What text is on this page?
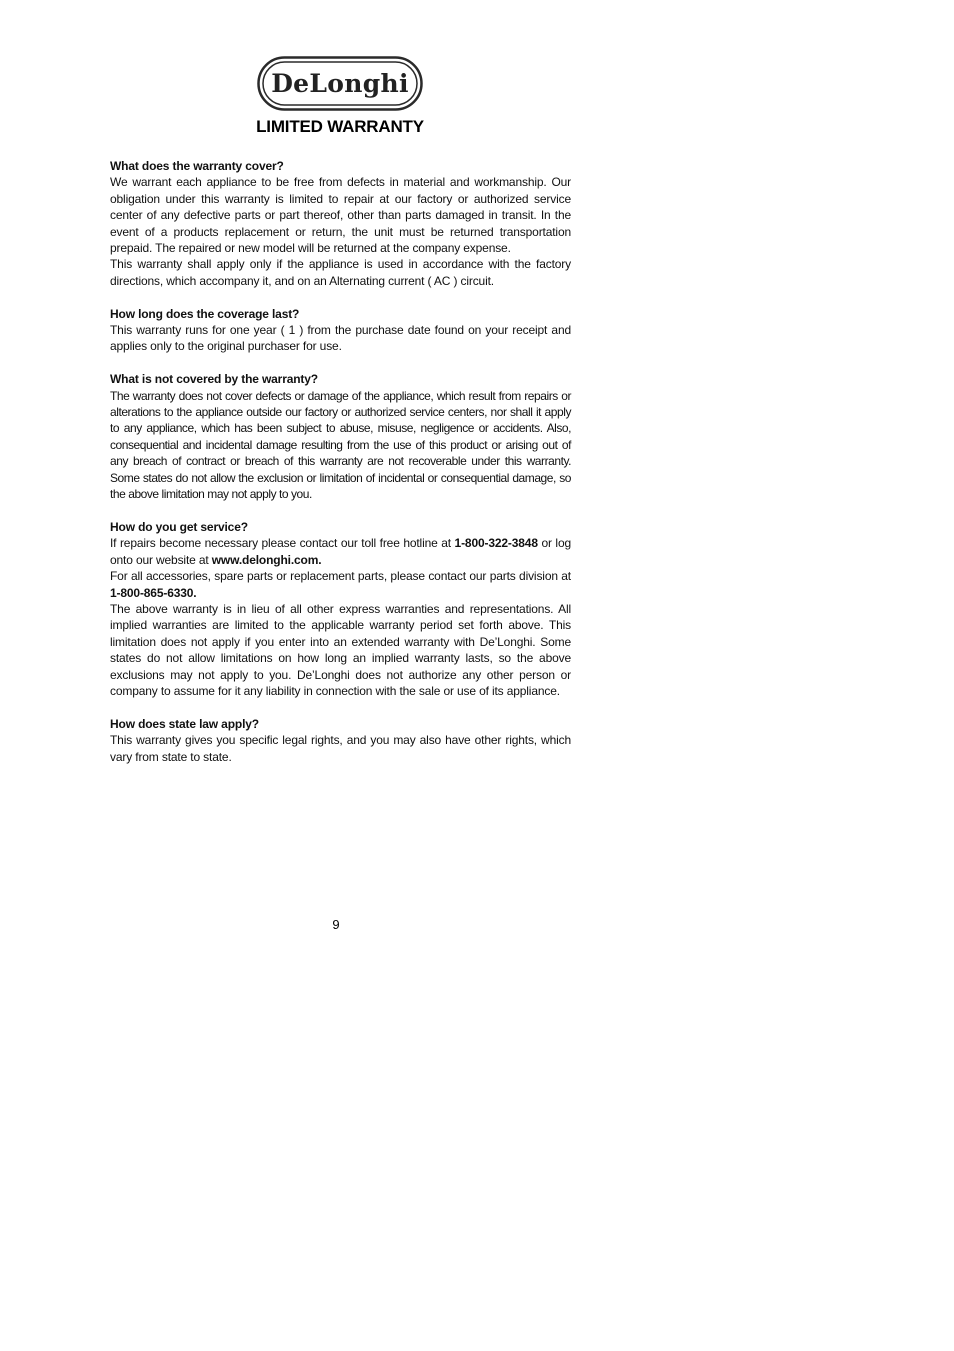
DeLonghi
LIMITED WARRANTY
What does the warranty cover?
We warrant each appliance to be free from defects in material and workmanship. Our obligation under this warranty is limited to repair at our factory or authorized service center of any defective parts or part thereof, other than parts damaged in transit. In the event of a products replacement or return, the unit must be returned transportation prepaid. The repaired or new model will be returned at the company expense.
This warranty shall apply only if the appliance is used in accordance with the factory directions, which accompany it, and on an Alternating current ( AC ) circuit.
How long does the coverage last?
This warranty runs for one year ( 1 ) from the purchase date found on your receipt and applies only to the original purchaser for use.
What is not covered by the warranty?
The warranty does not cover defects or damage of the appliance, which result from repairs or alterations to the appliance outside our factory or authorized service centers, nor shall it apply to any appliance, which has been subject to abuse, misuse, negligence or accidents. Also, consequential and incidental damage resulting from the use of this product or arising out of any breach of contract or breach of this warranty are not recoverable under this warranty. Some states do not allow the exclusion or limitation of incidental or consequential damage, so the above limitation may not apply to you.
How do you get service?
If repairs become necessary please contact our toll free hotline at 1-800-322-3848 or log onto our website at www.delonghi.com.
For all accessories, spare parts or replacement parts, please contact our parts division at 1-800-865-6330.
The above warranty is in lieu of all other express warranties and representations. All implied warranties are limited to the applicable warranty period set forth above. This limitation does not apply if you enter into an extended warranty with De’Longhi. Some states do not allow limitations on how long an implied warranty lasts, so the above exclusions may not apply to you. De’Longhi does not authorize any other person or company to assume for it any liability in connection with the sale or use of its appliance.
How does state law apply?
This warranty gives you specific legal rights, and you may also have other rights, which vary from state to state.
9
